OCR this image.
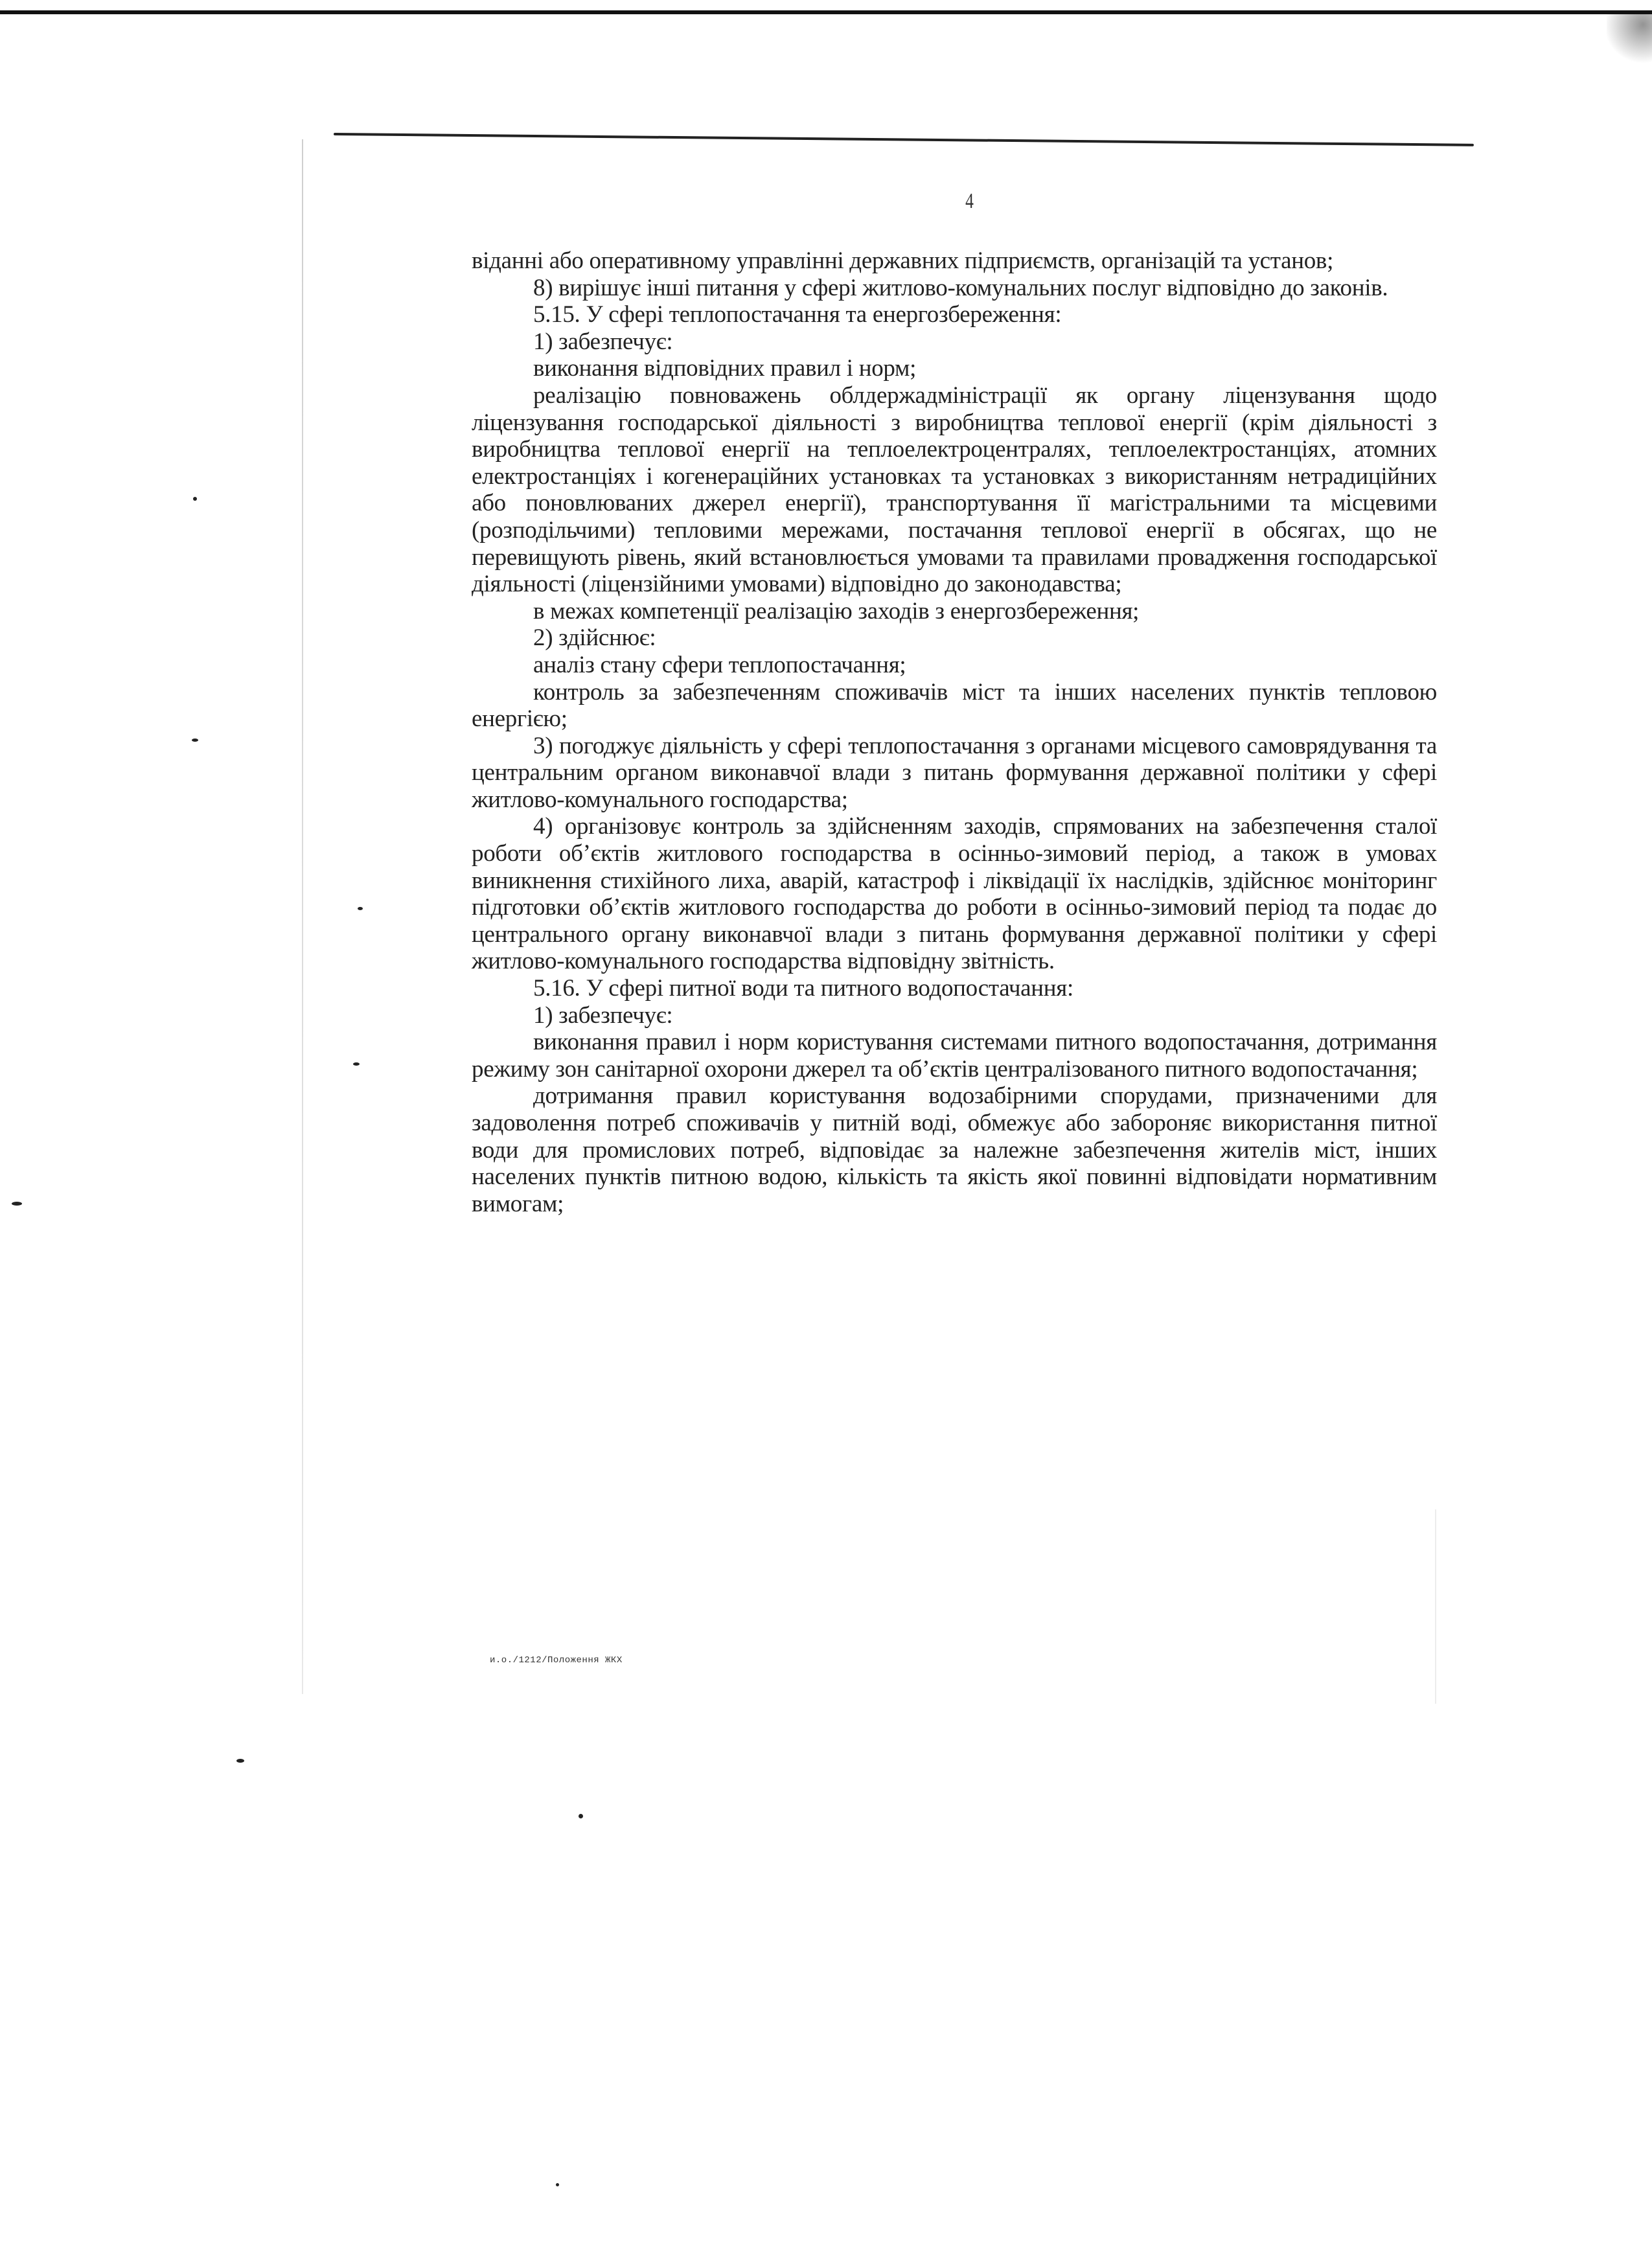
4

віданні або оперативному управлінні державних підприємств, організацій та установ;

8) вирішує інші питання у сфері житлово-комунальних послуг відповідно до законів.

5.15. У сфері теплопостачання та енергозбереження:

1) забезпечує:

виконання відповідних правил і норм;

реалізацію повноважень облдержадміністрації як органу ліцензування щодо ліцензування господарської діяльності з виробництва теплової енергії (крім діяльності з виробництва теплової енергії на теплоелектроцентралях, теплоелектростанціях, атомних електростанціях і когенераційних установках та установках з використанням нетрадиційних або поновлюваних джерел енергії), транспортування її магістральними та місцевими (розподільчими) тепловими мережами, постачання теплової енергії в обсягах, що не перевищують рівень, який встановлюється умовами та правилами провадження господарської діяльності (ліцензійними умовами) відповідно до законодавства;

в межах компетенції реалізацію заходів з енергозбереження;

2) здійснює:

аналіз стану сфери теплопостачання;

контроль за забезпеченням споживачів міст та інших населених пунктів тепловою енергією;

3) погоджує діяльність у сфері теплопостачання з органами місцевого самоврядування та центральним органом виконавчої влади з питань формування державної політики у сфері житлово-комунального господарства;

4) організовує контроль за здійсненням заходів, спрямованих на забезпечення сталої роботи об’єктів житлового господарства в осінньо-зимовий період, а також в умовах виникнення стихійного лиха, аварій, катастроф і ліквідації їх наслідків, здійснює моніторинг підготовки об’єктів житлового господарства до роботи в осінньо-зимовий період та подає до центрального органу виконавчої влади з питань формування державної політики у сфері житлово-комунального господарства відповідну звітність.

5.16. У сфері питної води та питного водопостачання:

1) забезпечує:

виконання правил і норм користування системами питного водопостачання, дотримання режиму зон санітарної охорони джерел та об’єктів централізованого питного водопостачання;

дотримання правил користування водозабірними спорудами, призначеними для задоволення потреб споживачів у питній воді, обмежує або забороняє використання питної води для промислових потреб, відповідає за належне забезпечення жителів міст, інших населених пунктів питною водою, кількість та якість якої повинні відповідати нормативним вимогам;

и.о./1212/Положення ЖКХ
